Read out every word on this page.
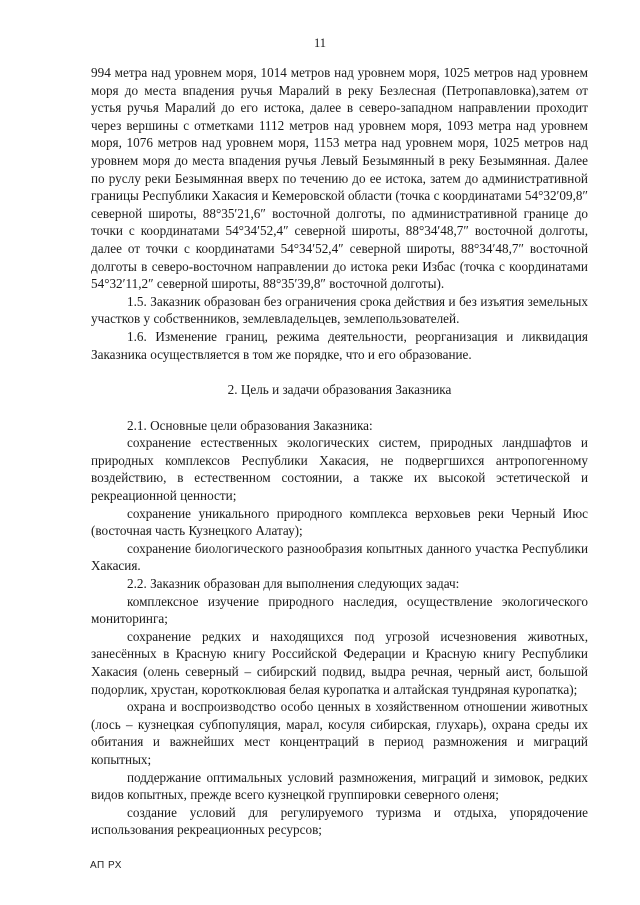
11

994 метра над уровнем моря, 1014 метров над уровнем моря, 1025 метров над уровнем моря до места впадения ручья Маралий в реку Безлесная (Петропавловка),затем от устья ручья Маралий до его истока, далее в северо-западном направлении проходит через вершины с отметками 1112 метров над уровнем моря, 1093 метра над уровнем моря, 1076 метров над уровнем моря, 1153 метра над уровнем моря, 1025 метров над уровнем моря до места впадения ручья Левый Безымянный в реку Безымянная. Далее по руслу реки Безымянная вверх по течению до ее истока, затем до административной границы Республики Хакасия и Кемеровской области (точка с координатами 54°32′09,8″ северной широты, 88°35′21,6″ восточной долготы, по административной границе до точки с координатами 54°34′52,4″ северной широты, 88°34′48,7″ восточной долготы, далее от точки с координатами 54°34′52,4″ северной широты, 88°34′48,7″ восточной долготы в северо-восточном направлении до истока реки Избас (точка с координатами 54°32′11,2″ северной широты, 88°35′39,8″ восточной долготы).

1.5. Заказник образован без ограничения срока действия и без изъятия земельных участков у собственников, землевладельцев, землепользователей.

1.6. Изменение границ, режима деятельности, реорганизация и ликвидация Заказника осуществляется в том же порядке, что и его образование.

2. Цель и задачи образования Заказника

2.1. Основные цели образования Заказника:

сохранение естественных экологических систем, природных ландшафтов и природных комплексов Республики Хакасия, не подвергшихся антропогенному воздействию, в естественном состоянии, а также их высокой эстетической и рекреационной ценности;

сохранение уникального природного комплекса верховьев реки Черный Июс (восточная часть Кузнецкого Алатау);

сохранение биологического разнообразия копытных данного участка Республики Хакасия.

2.2. Заказник образован для выполнения следующих задач:

комплексное изучение природного наследия, осуществление экологического мониторинга;

сохранение редких и находящихся под угрозой исчезновения животных, занесённых в Красную книгу Российской Федерации и Красную книгу Республики Хакасия (олень северный – сибирский подвид, выдра речная, черный аист, большой подорлик, хрустан, короткоклювая белая куропатка и алтайская тундряная куропатка);

охрана и воспроизводство особо ценных в хозяйственном отношении животных (лось – кузнецкая субпопуляция, марал, косуля сибирская, глухарь), охрана среды их обитания и важнейших мест концентраций в период размножения и миграций копытных;

поддержание оптимальных условий размножения, миграций и зимовок, редких видов копытных, прежде всего кузнецкой группировки северного оленя;

создание условий для регулируемого туризма и отдыха, упорядочение использования рекреационных ресурсов;

АП РХ
